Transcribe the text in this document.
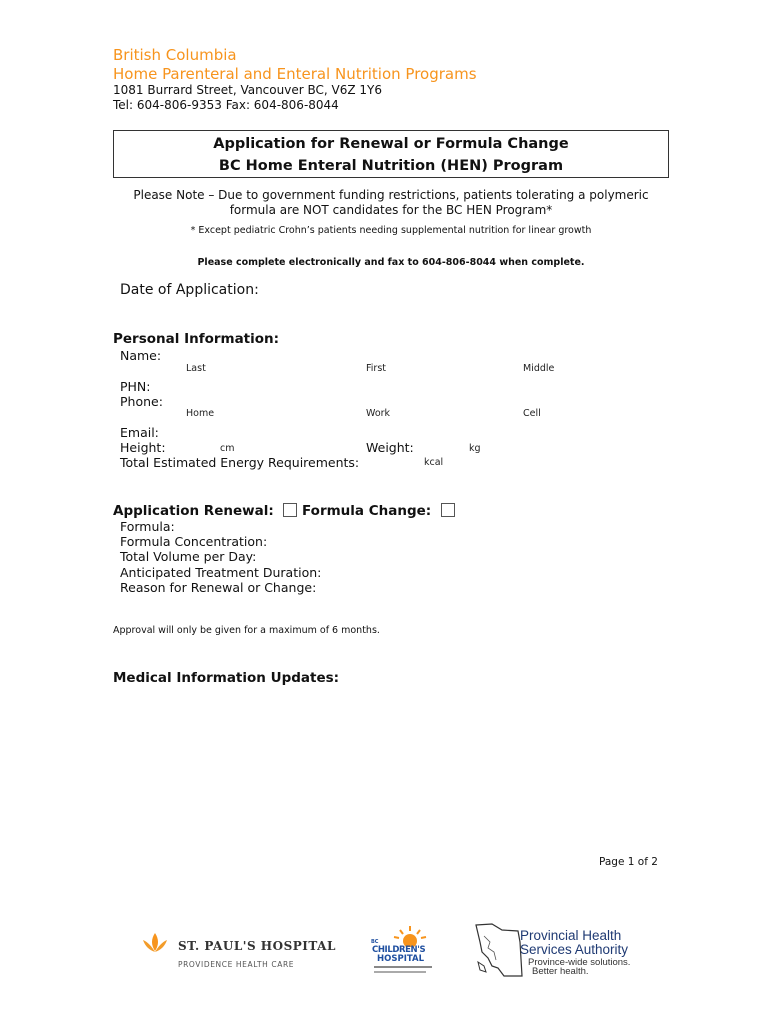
British Columbia
Home Parenteral and Enteral Nutrition Programs
1081 Burrard Street, Vancouver BC, V6Z 1Y6
Tel: 604-806-9353 Fax: 604-806-8044
Application for Renewal or Formula Change
BC Home Enteral Nutrition (HEN) Program
Please Note – Due to government funding restrictions, patients tolerating a polymeric
formula are NOT candidates for the BC HEN Program*
* Except pediatric Crohn’s patients needing supplemental nutrition for linear growth
Please complete electronically and fax to 604-806-8044 when complete.
Date of Application:
Personal Information:
Name:
Last	First	Middle
PHN:
Phone:
Home	Work	Cell
Email:
Height:	cm	Weight:	kg
Total Estimated Energy Requirements:	kcal
Application Renewal: Formula Change:
Formula:
Formula Concentration:
Total Volume per Day:
Anticipated Treatment Duration:
Reason for Renewal or Change:
Approval will only be given for a maximum of 6 months.
Medical Information Updates:
Page 1 of 2
ST. PAUL'S HOSPITAL
PROVIDENCE HEALTH CARE
BC
CHILDREN'S
HOSPITAL
Provincial Health
Services Authority
Province-wide solutions.
Better health.
